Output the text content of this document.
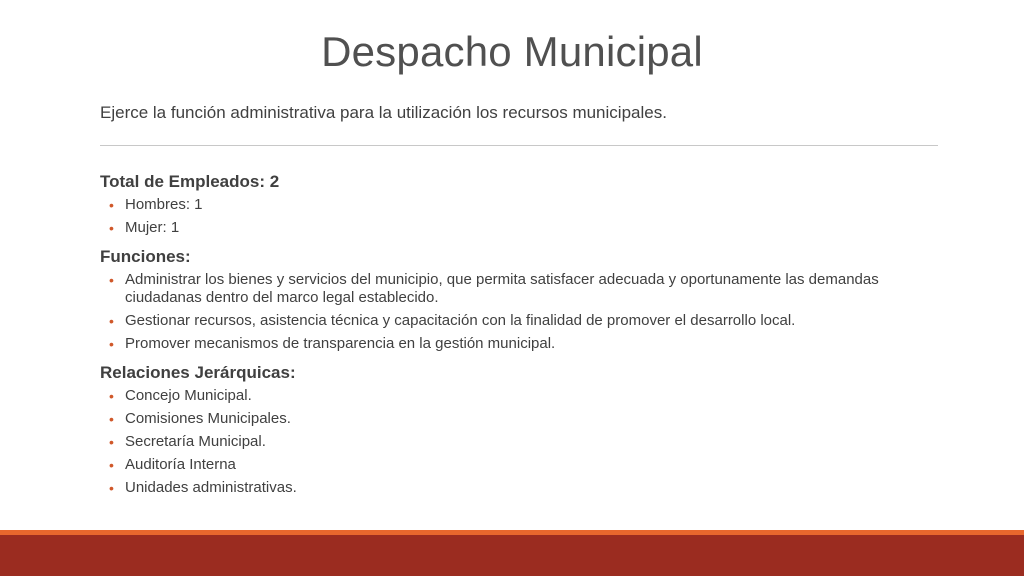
Despacho Municipal

Ejerce la función administrativa para la utilización los recursos municipales.

Total de Empleados: 2
• Hombres: 1
• Mujer: 1
Funciones:
• Administrar los bienes y servicios del municipio, que permita satisfacer adecuada y oportunamente las demandas ciudadanas dentro del marco legal establecido.
• Gestionar recursos, asistencia técnica y capacitación con la finalidad de promover el desarrollo local.
• Promover mecanismos de transparencia en la gestión municipal.
Relaciones Jerárquicas:
• Concejo Municipal.
• Comisiones Municipales.
• Secretaría Municipal.
• Auditoría Interna
• Unidades administrativas.
